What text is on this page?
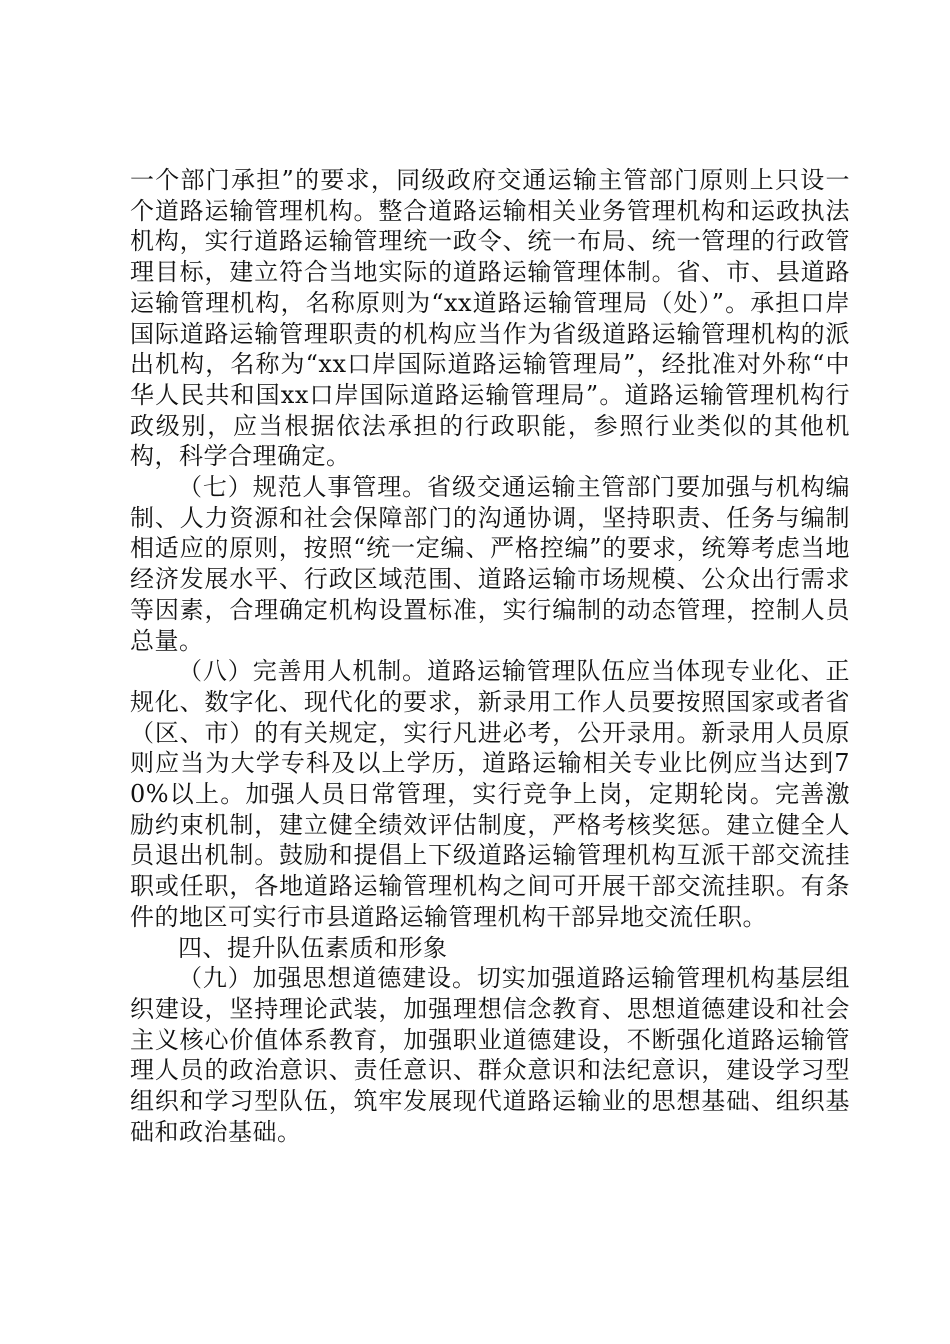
一个部门承担”的要求，同级政府交通运输主管部门原则上只设一个道路运输管理机构。整合道路运输相关业务管理机构和运政执法机构，实行道路运输管理统一政令、统一布局、统一管理的行政管理目标，建立符合当地实际的道路运输管理体制。省、市、县道路运输管理机构，名称原则为“xx道路运输管理局（处）”。承担口岸国际道路运输管理职责的机构应当作为省级道路运输管理机构的派出机构，名称为“xx口岸国际道路运输管理局”，经批准对外称“中华人民共和国xx口岸国际道路运输管理局”。道路运输管理机构行政级别，应当根据依法承担的行政职能，参照行业类似的其他机构，科学合理确定。

（七）规范人事管理。省级交通运输主管部门要加强与机构编制、人力资源和社会保障部门的沟通协调，坚持职责、任务与编制相适应的原则，按照“统一定编、严格控编”的要求，统筹考虑当地经济发展水平、行政区域范围、道路运输市场规模、公众出行需求等因素，合理确定机构设置标准，实行编制的动态管理，控制人员总量。

（八）完善用人机制。道路运输管理队伍应当体现专业化、正规化、数字化、现代化的要求，新录用工作人员要按照国家或者省（区、市）的有关规定，实行凡进必考，公开录用。新录用人员原则应当为大学专科及以上学历，道路运输相关专业比例应当达到70%以上。加强人员日常管理，实行竞争上岗，定期轮岗。完善激励约束机制，建立健全绩效评估制度，严格考核奖惩。建立健全人员退出机制。鼓励和提倡上下级道路运输管理机构互派干部交流挂职或任职，各地道路运输管理机构之间可开展干部交流挂职。有条件的地区可实行市县道路运输管理机构干部异地交流任职。

四、提升队伍素质和形象

（九）加强思想道德建设。切实加强道路运输管理机构基层组织建设，坚持理论武装，加强理想信念教育、思想道德建设和社会主义核心价值体系教育，加强职业道德建设，不断强化道路运输管理人员的政治意识、责任意识、群众意识和法纪意识，建设学习型组织和学习型队伍，筑牢发展现代道路运输业的思想基础、组织基础和政治基础。
